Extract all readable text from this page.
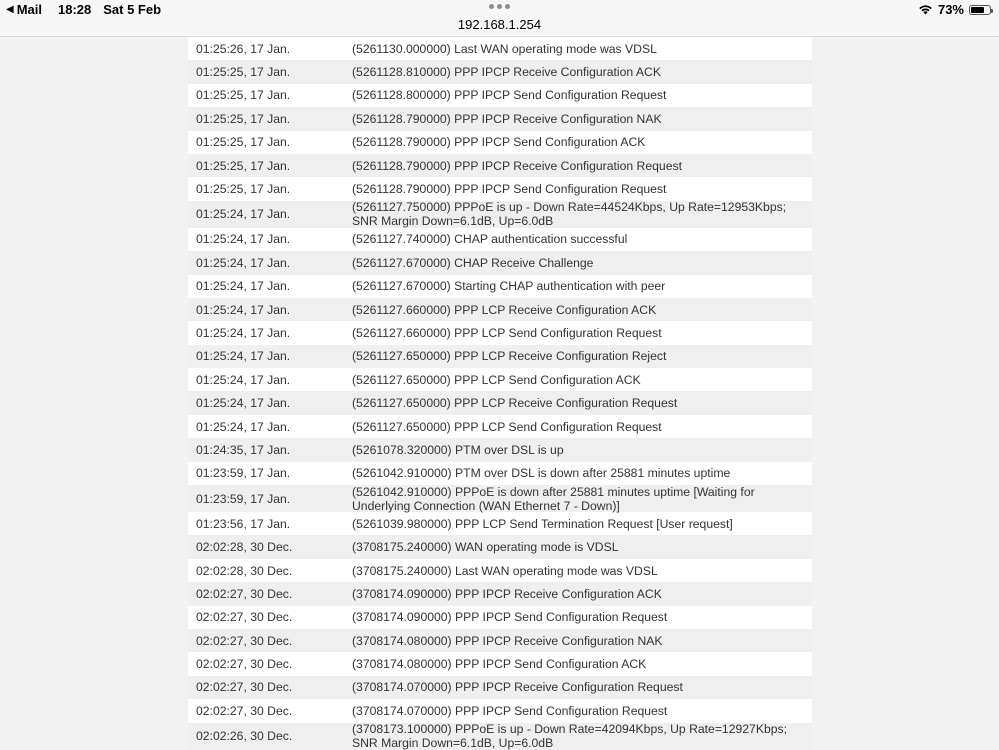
◀ Mail 18:28 Sat 5 Feb
192.168.1.254
73%
01:25:26, 17 Jan.	(5261130.000000) Last WAN operating mode was VDSL
01:25:25, 17 Jan.	(5261128.810000) PPP IPCP Receive Configuration ACK
01:25:25, 17 Jan.	(5261128.800000) PPP IPCP Send Configuration Request
01:25:25, 17 Jan.	(5261128.790000) PPP IPCP Receive Configuration NAK
01:25:25, 17 Jan.	(5261128.790000) PPP IPCP Send Configuration ACK
01:25:25, 17 Jan.	(5261128.790000) PPP IPCP Receive Configuration Request
01:25:25, 17 Jan.	(5261128.790000) PPP IPCP Send Configuration Request
01:25:24, 17 Jan.	(5261127.750000) PPPoE is up - Down Rate=44524Kbps, Up Rate=12953Kbps; SNR Margin Down=6.1dB, Up=6.0dB
01:25:24, 17 Jan.	(5261127.740000) CHAP authentication successful
01:25:24, 17 Jan.	(5261127.670000) CHAP Receive Challenge
01:25:24, 17 Jan.	(5261127.670000) Starting CHAP authentication with peer
01:25:24, 17 Jan.	(5261127.660000) PPP LCP Receive Configuration ACK
01:25:24, 17 Jan.	(5261127.660000) PPP LCP Send Configuration Request
01:25:24, 17 Jan.	(5261127.650000) PPP LCP Receive Configuration Reject
01:25:24, 17 Jan.	(5261127.650000) PPP LCP Send Configuration ACK
01:25:24, 17 Jan.	(5261127.650000) PPP LCP Receive Configuration Request
01:25:24, 17 Jan.	(5261127.650000) PPP LCP Send Configuration Request
01:24:35, 17 Jan.	(5261078.320000) PTM over DSL is up
01:23:59, 17 Jan.	(5261042.910000) PTM over DSL is down after 25881 minutes uptime
01:23:59, 17 Jan.	(5261042.910000) PPPoE is down after 25881 minutes uptime [Waiting for Underlying Connection (WAN Ethernet 7 - Down)]
01:23:56, 17 Jan.	(5261039.980000) PPP LCP Send Termination Request [User request]
02:02:28, 30 Dec.	(3708175.240000) WAN operating mode is VDSL
02:02:28, 30 Dec.	(3708175.240000) Last WAN operating mode was VDSL
02:02:27, 30 Dec.	(3708174.090000) PPP IPCP Receive Configuration ACK
02:02:27, 30 Dec.	(3708174.090000) PPP IPCP Send Configuration Request
02:02:27, 30 Dec.	(3708174.080000) PPP IPCP Receive Configuration NAK
02:02:27, 30 Dec.	(3708174.080000) PPP IPCP Send Configuration ACK
02:02:27, 30 Dec.	(3708174.070000) PPP IPCP Receive Configuration Request
02:02:27, 30 Dec.	(3708174.070000) PPP IPCP Send Configuration Request
02:02:26, 30 Dec.	(3708173.100000) PPPoE is up - Down Rate=42094Kbps, Up Rate=12927Kbps; SNR Margin Down=6.1dB, Up=6.0dB
